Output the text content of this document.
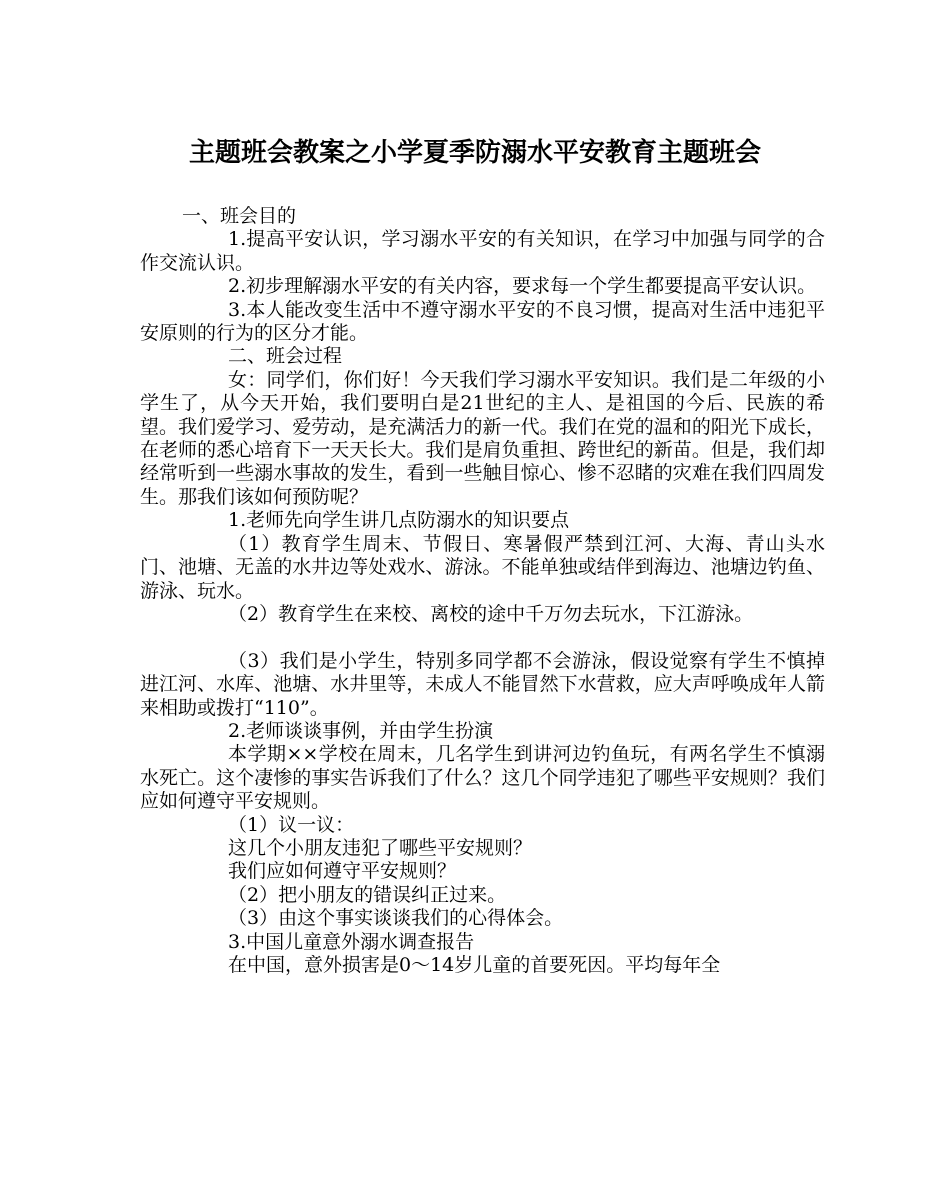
主题班会教案之小学夏季防溺水平安教育主题班会

一、班会目的

1.提高平安认识，学习溺水平安的有关知识，在学习中加强与同学的合作交流认识。

2.初步理解溺水平安的有关内容，要求每一个学生都要提高平安认识。

3.本人能改变生活中不遵守溺水平安的不良习惯，提高对生活中违犯平安原则的行为的区分才能。

二、班会过程

女：同学们，你们好！今天我们学习溺水平安知识。我们是二年级的小学生了，从今天开始，我们要明白是21世纪的主人、是祖国的今后、民族的希望。我们爱学习、爱劳动，是充满活力的新一代。我们在党的温和的阳光下成长，在老师的悉心培育下一天天长大。我们是肩负重担、跨世纪的新苗。但是，我们却经常听到一些溺水事故的发生，看到一些触目惊心、惨不忍睹的灾难在我们四周发生。那我们该如何预防呢？

1.老师先向学生讲几点防溺水的知识要点

（1）教育学生周末、节假日、寒暑假严禁到江河、大海、青山头水门、池塘、无盖的水井边等处戏水、游泳。不能单独或结伴到海边、池塘边钓鱼、游泳、玩水。

（2）教育学生在来校、离校的途中千万勿去玩水，下江游泳。

（3）我们是小学生，特别多同学都不会游泳，假设觉察有学生不慎掉进江河、水库、池塘、水井里等，未成人不能冒然下水营救，应大声呼唤成年人箭来相助或拨打“110”。

2.老师谈谈事例，并由学生扮演

本学期××学校在周末，几名学生到讲河边钓鱼玩，有两名学生不慎溺水死亡。这个凄惨的事实告诉我们了什么？这几个同学违犯了哪些平安规则？我们应如何遵守平安规则。

（1）议一议：

这几个小朋友违犯了哪些平安规则？

我们应如何遵守平安规则？

（2）把小朋友的错误纠正过来。

（3）由这个事实谈谈我们的心得体会。

3.中国儿童意外溺水调查报告

在中国，意外损害是0～14岁儿童的首要死因。平均每年全
